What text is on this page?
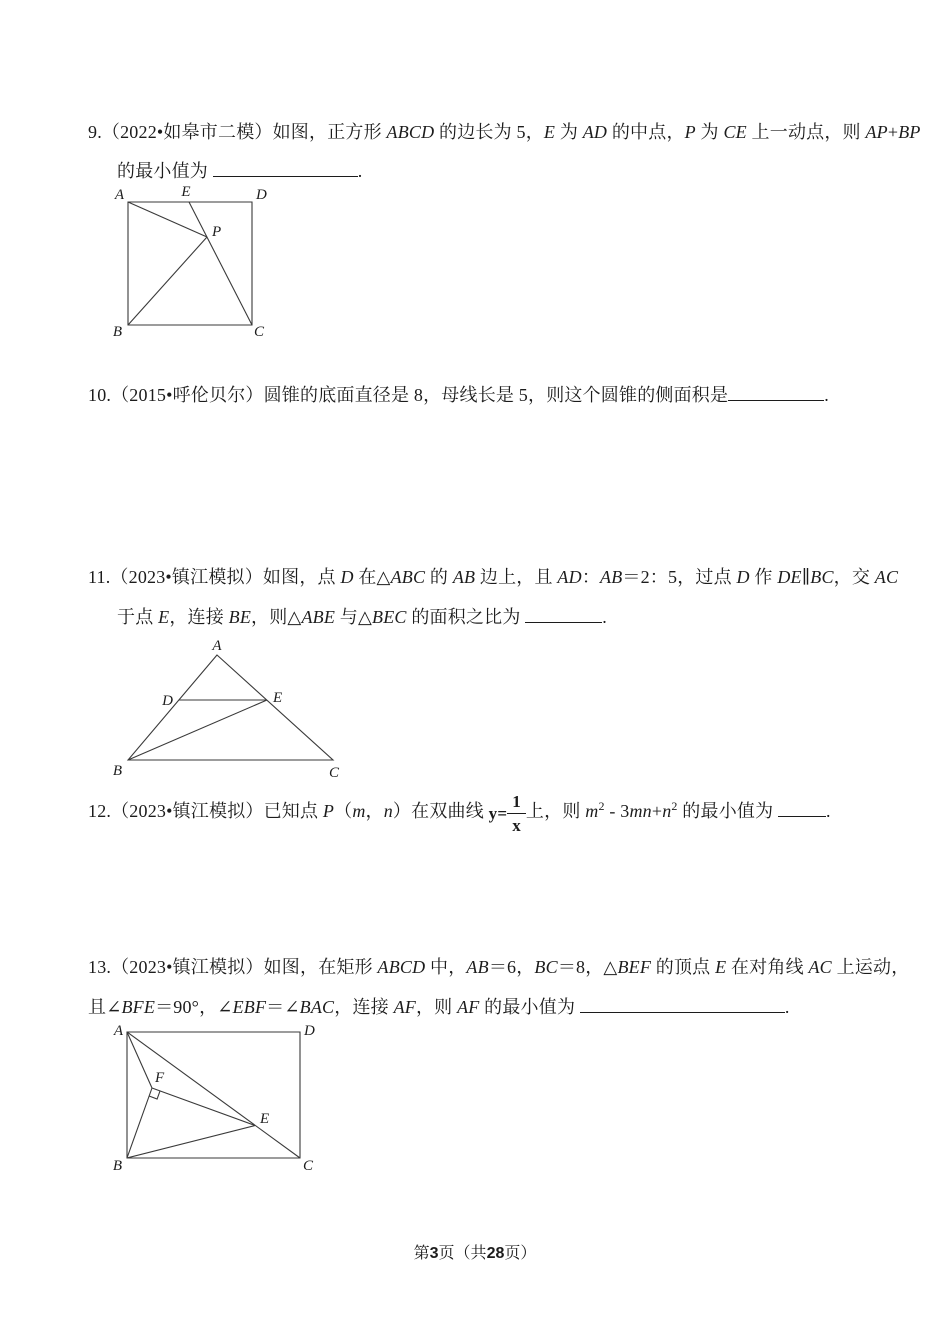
9.（2022•如皋市二模）如图，正方形 ABCD 的边长为 5，E 为 AD 的中点，P 为 CE 上一动点，则 AP+BP
的最小值为	.
A	E	D
B	C
P
10.（2015•呼伦贝尔）圆锥的底面直径是 8，母线长是 5，则这个圆锥的侧面积是	.
11.（2023•镇江模拟）如图，点 D 在△ABC 的 AB 边上，且 AD：AB＝2：5，过点 D 作 DE∥BC，交 AC
于点 E，连接 BE，则△ABE 与△BEC 的面积之比为	.
A
B	C
D	E
12.（2023•镇江模拟）已知点 P（m，n）在双曲线 $y= \frac{1}{x}$ 上，则 $m^2 - 3mn+n^2$ 的最小值为	.
13.（2023•镇江模拟）如图，在矩形 ABCD 中，AB＝6，BC＝8，△BEF 的顶点 E 在对角线 AC 上运动，
且∠BFE＝90°，∠EBF＝∠BAC，连接 AF，则 AF 的最小值为	.
A	D
B	C
F
E
第3页（共28页）
